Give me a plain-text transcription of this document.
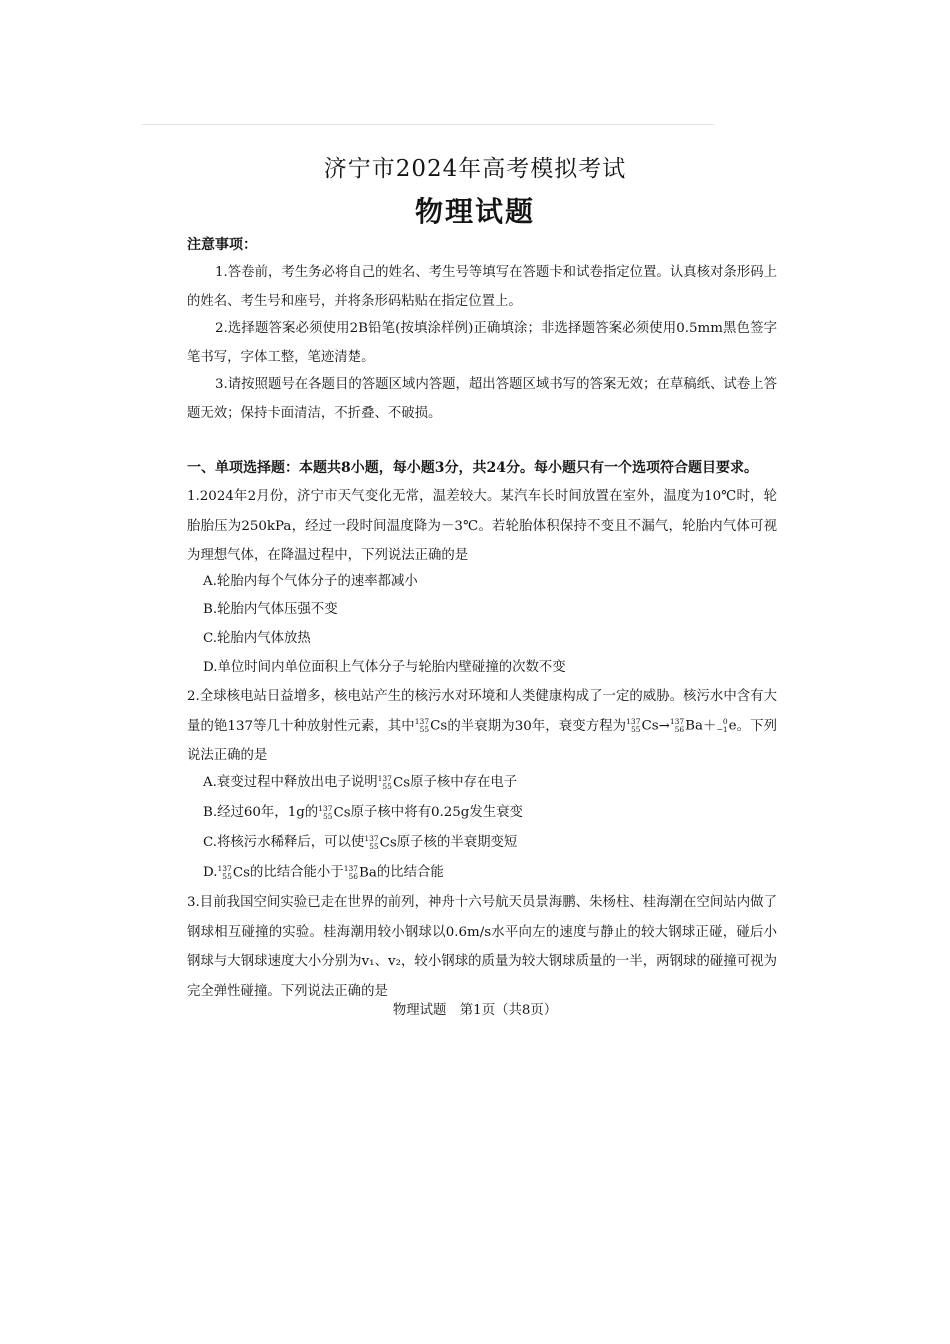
济宁市2024年高考模拟考试
物理试题
注意事项：
1.答卷前，考生务必将自己的姓名、考生号等填写在答题卡和试卷指定位置。认真核对条形码上的姓名、考生号和座号，并将条形码粘贴在指定位置上。
2.选择题答案必须使用2B铅笔(按填涂样例)正确填涂；非选择题答案必须使用0.5mm黑色签字笔书写，字体工整，笔迹清楚。
3.请按照题号在各题目的答题区域内答题，超出答题区域书写的答案无效；在草稿纸、试卷上答题无效；保持卡面清洁，不折叠、不破损。
一、单项选择题：本题共8小题，每小题3分，共24分。每小题只有一个选项符合题目要求。
1.2024年2月份，济宁市天气变化无常，温差较大。某汽车长时间放置在室外，温度为10℃时，轮胎胎压为250kPa，经过一段时间温度降为－3℃。若轮胎体积保持不变且不漏气，轮胎内气体可视为理想气体，在降温过程中，下列说法正确的是
A.轮胎内每个气体分子的速率都减小
B.轮胎内气体压强不变
C.轮胎内气体放热
D.单位时间内单位面积上气体分子与轮胎内壁碰撞的次数不变
2.全球核电站日益增多，核电站产生的核污水对环境和人类健康构成了一定的威胁。核污水中含有大量的铯137等几十种放射性元素，其中 137
55 Cs的半衰期为30年，衰变方程为 137
55 Cs→ 137
56 Ba＋ 0
−1 e。下列说法正确的是
A.衰变过程中释放出电子说明 137
55 Cs原子核中存在电子
B.经过60年，1g的 137
55 Cs原子核中将有0.25g发生衰变
C.将核污水稀释后，可以使 137
55 Cs原子核的半衰期变短
D. 137
55 Cs的比结合能小于 137
56 Ba的比结合能
3.目前我国空间实验已走在世界的前列，神舟十六号航天员景海鹏、朱杨柱、桂海潮在空间站内做了钢球相互碰撞的实验。桂海潮用较小钢球以0.6m/s水平向左的速度与静止的较大钢球正碰，碰后小钢球与大钢球速度大小分别为v₁、v₂，较小钢球的质量为较大钢球质量的一半，两钢球的碰撞可视为完全弹性碰撞。下列说法正确的是
物理试题　第1页（共8页）
